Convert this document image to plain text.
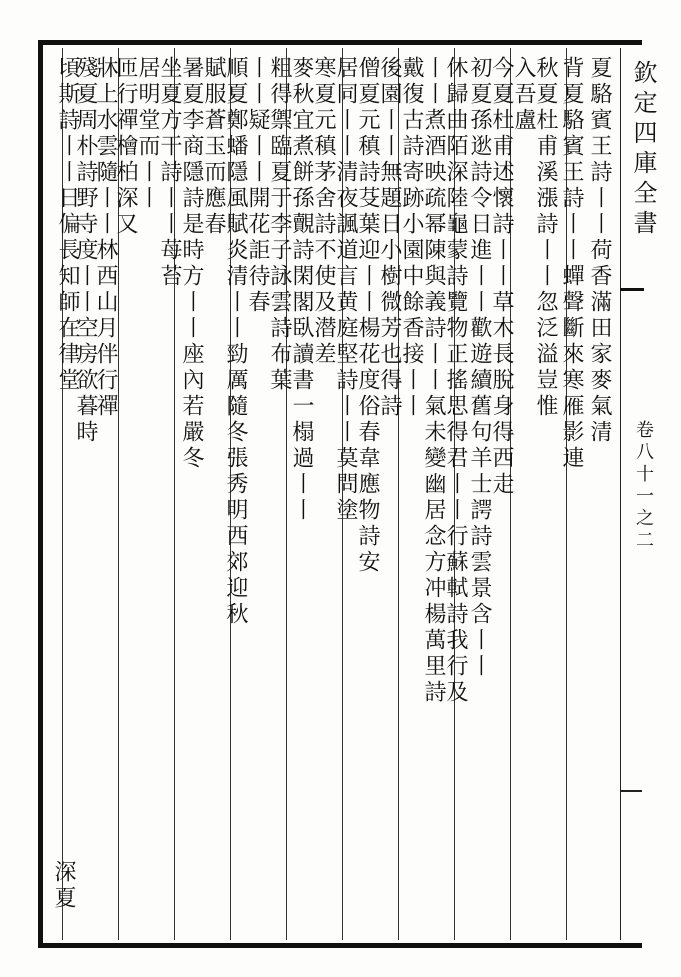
欽定四庫全書
卷八十一之二
夏駱賓王詩丨丨荷香滿田家麥氣清
背夏駱賓王詩丨丨蟬聲斷來寒雁影連
秋夏杜甫溪漲詩丨丨忽泛溢豈惟
入吾盧
今夏杜甫述懷詩丨丨草木長脫身得西走
初夏孫逖詩令日進丨丨歡遊續舊句羊士諤詩雲景含丨丨
休歸曲陌深陸龜蒙詩覽物正搖思得君丨丨行蘇軾詩我行及
丨丨煮酒映疏幂陳與義詩丨丨氣未變幽居念方冲楊萬里詩
戴復古詩寄跡小園中餘香接丨丨
後園丨丨無題日小樹微芳也得詩
僧夏元稹詩芟葉迎丨丨楊花度俗春韋應物詩安
居同丨丨清夜諷道言黄庭堅詩丨丨莫問塗
寒夏元稹茅舍詩不使及潜差
麥秋宜煮餅孫覿詩閑閣臥讀書一榻過丨丨
粗得禦臨夏于李子詠雲詩布葉
丨丨疑丨丨開花詎待春
順夏鄭蟠隱風賦炎清丨丨勁厲隨冬張秀明西郊迎秋
賦服蒼玉而應春
暑夏李商隱詩是時方丨丨座內若嚴冬
坐夏方干詩丨丨苺苔
居明堂而丨丨
匝行禪檜柏深又
牀上水雲隨丨丨林西山月伴行禪
殘夏周朴詩野寺度丨丨空房欲暮時
頃斯詩丨丨日偏長知師在律堂
深夏
